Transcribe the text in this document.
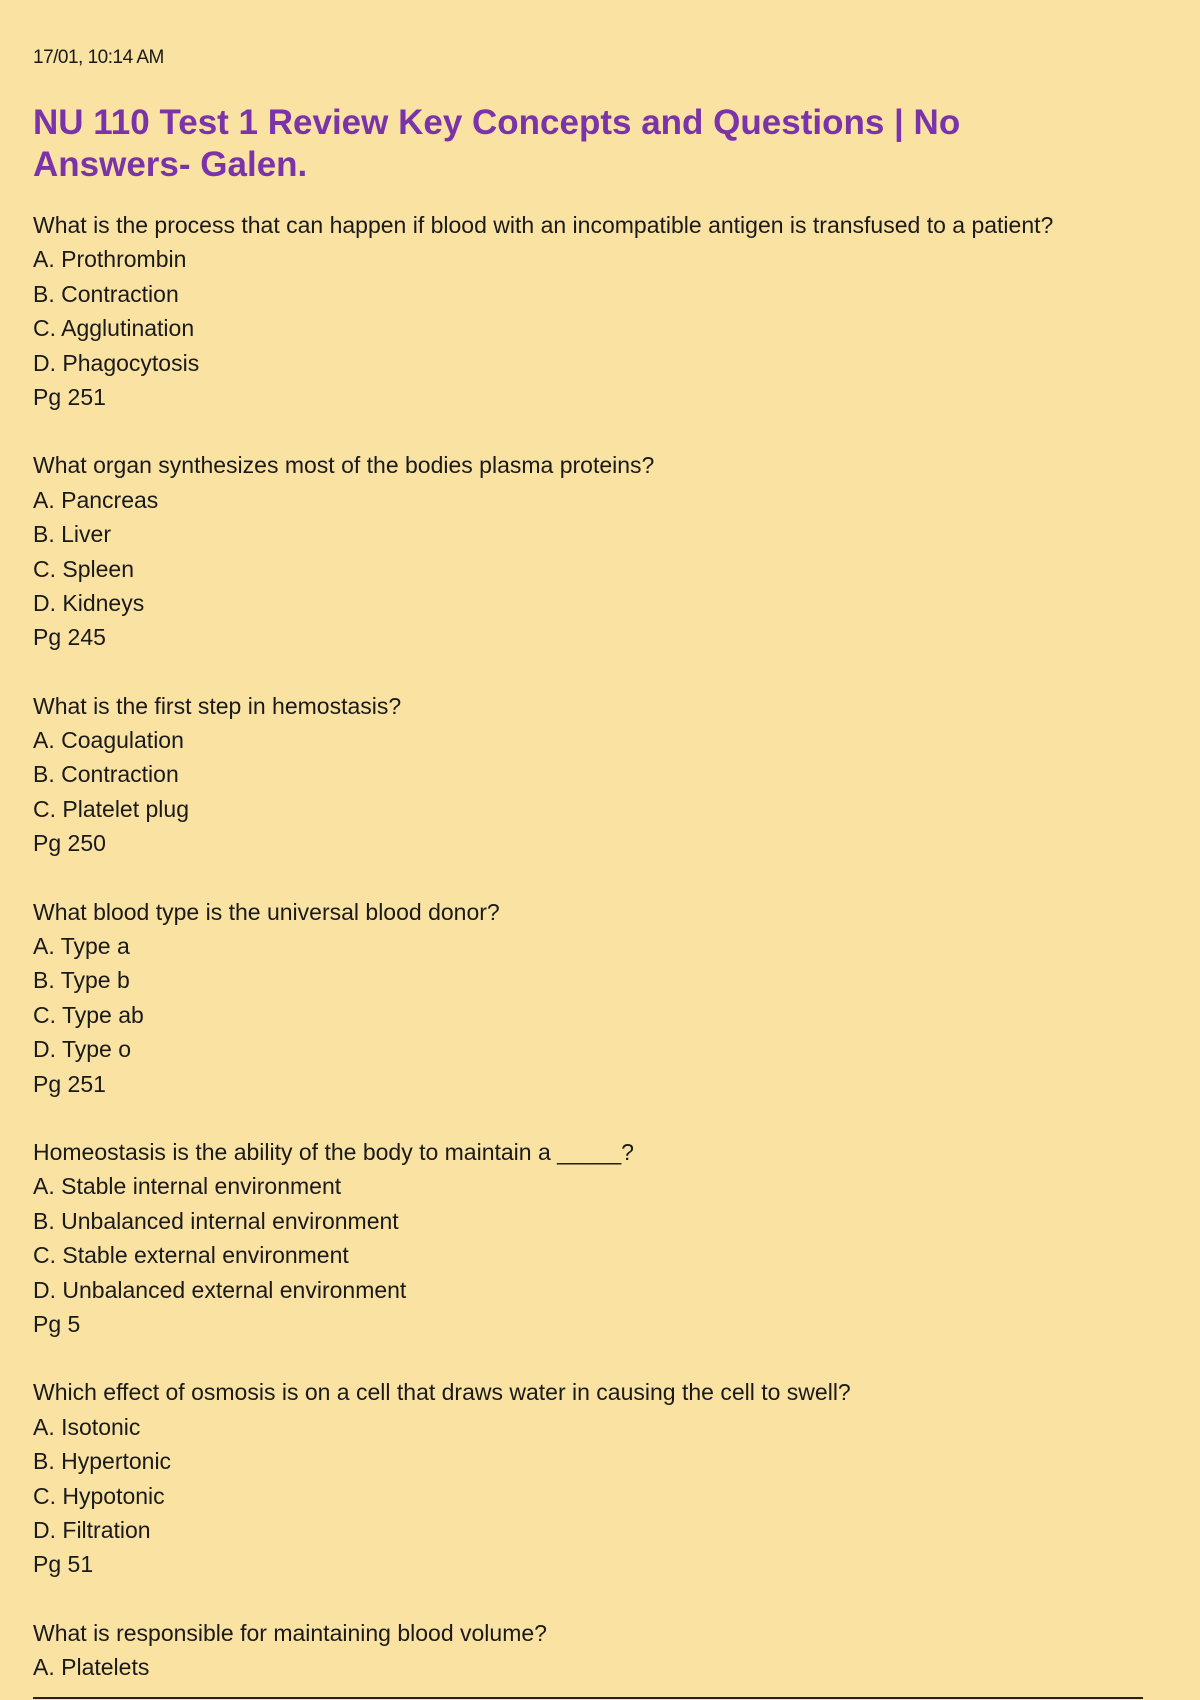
17/01, 10:14 AM
NU 110 Test 1 Review Key Concepts and Questions | No Answers- Galen.
What is the process that can happen if blood with an incompatible antigen is transfused to a patient?
A. Prothrombin
B. Contraction
C. Agglutination
D. Phagocytosis
Pg 251
What organ synthesizes most of the bodies plasma proteins?
A. Pancreas
B. Liver
C. Spleen
D. Kidneys
Pg 245
What is the first step in hemostasis?
A. Coagulation
B. Contraction
C. Platelet plug
Pg 250
What blood type is the universal blood donor?
A. Type a
B. Type b
C. Type ab
D. Type o
Pg 251
Homeostasis is the ability of the body to maintain a _____?
A. Stable internal environment
B. Unbalanced internal environment
C. Stable external environment
D. Unbalanced external environment
Pg 5
Which effect of osmosis is on a cell that draws water in causing the cell to swell?
A. Isotonic
B. Hypertonic
C. Hypotonic
D. Filtration
Pg 51
What is responsible for maintaining blood volume?
A. Platelets
